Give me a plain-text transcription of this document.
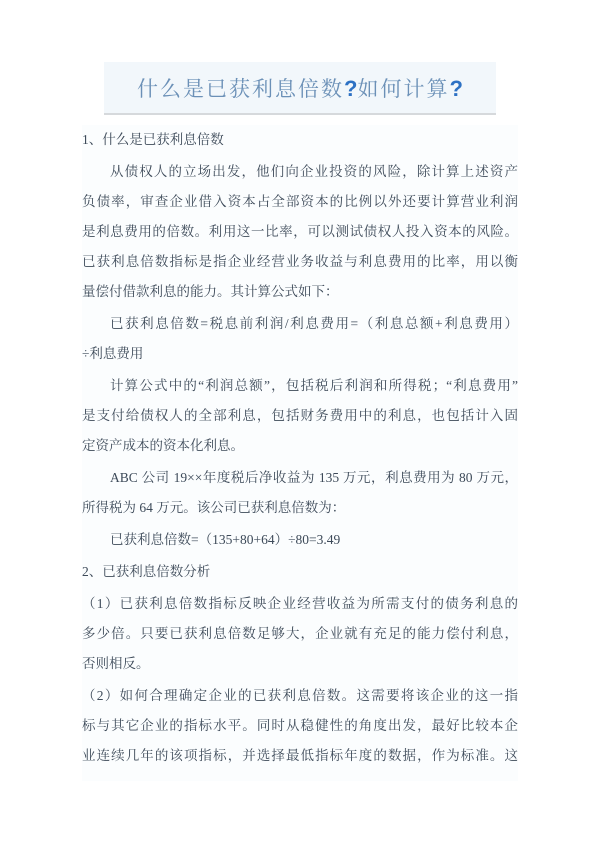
什么是已获利息倍数?如何计算?
1、什么是已获利息倍数
从债权人的立场出发，他们向企业投资的风险，除计算上述资产
负债率，审查企业借入资本占全部资本的比例以外还要计算营业利润
是利息费用的倍数。利用这一比率，可以测试债权人投入资本的风险。
已获利息倍数指标是指企业经营业务收益与利息费用的比率，用以衡
量偿付借款利息的能力。其计算公式如下：
已获利息倍数=税息前利润/利息费用=（利息总额+利息费用）
÷利息费用
计算公式中的“利润总额”，包括税后利润和所得税；“利息费用”
是支付给债权人的全部利息，包括财务费用中的利息，也包括计入固
定资产成本的资本化利息。
ABC 公司 19××年度税后净收益为 135 万元，利息费用为 80 万元，
所得税为 64 万元。该公司已获利息倍数为：
已获利息倍数=（135+80+64）÷80=3.49
2、已获利息倍数分析
（1）已获利息倍数指标反映企业经营收益为所需支付的债务利息的
多少倍。只要已获利息倍数足够大，企业就有充足的能力偿付利息，
否则相反。
（2）如何合理确定企业的已获利息倍数。这需要将该企业的这一指
标与其它企业的指标水平。同时从稳健性的角度出发，最好比较本企
业连续几年的该项指标，并选择最低指标年度的数据，作为标准。这
